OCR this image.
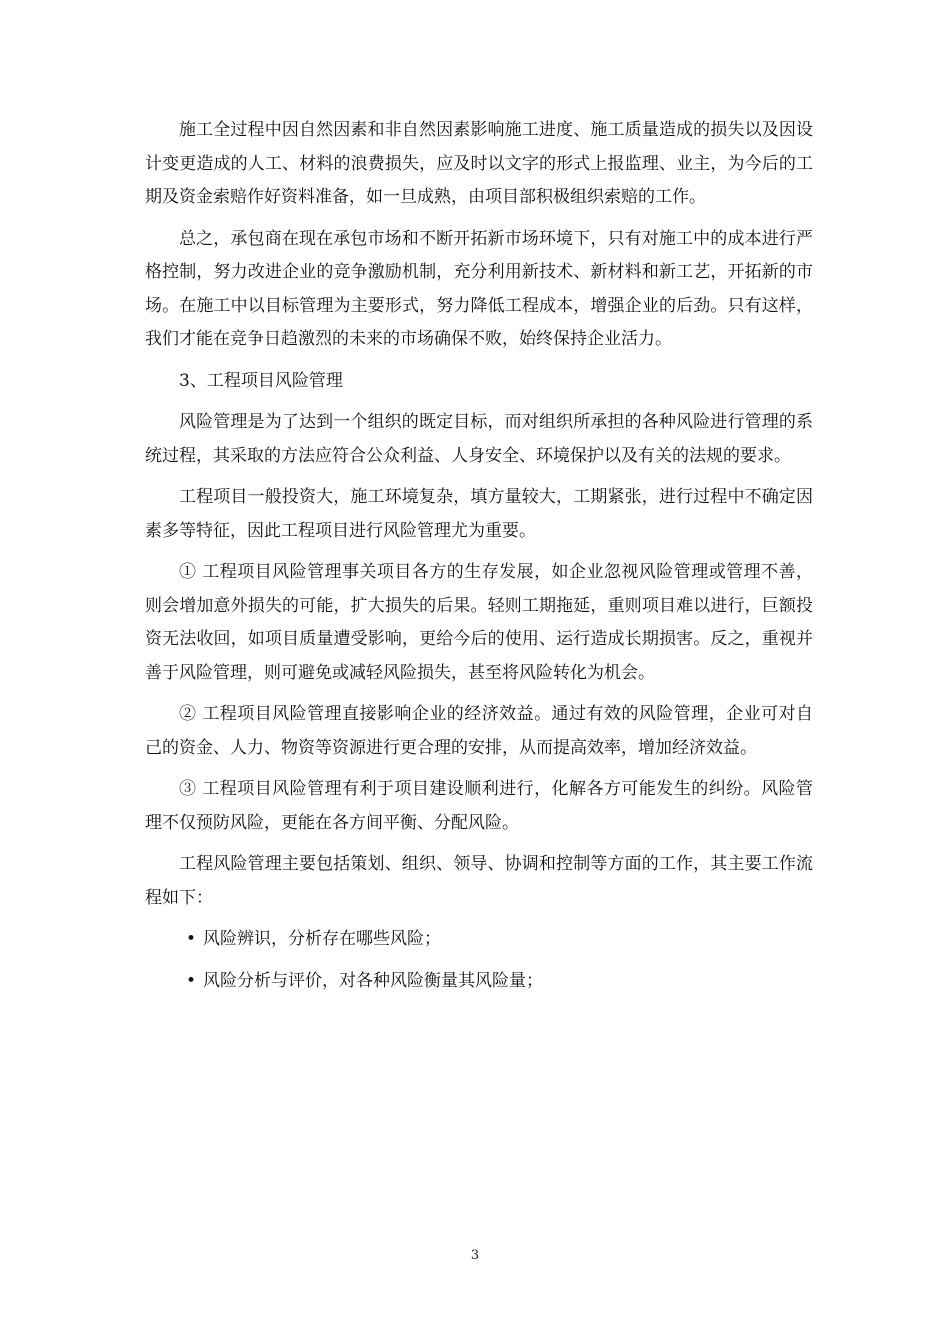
施工全过程中因自然因素和非自然因素影响施工进度、施工质量造成的损失以及因设计变更造成的人工、材料的浪费损失，应及时以文字的形式上报监理、业主，为今后的工期及资金索赔作好资料准备，如一旦成熟，由项目部积极组织索赔的工作。

总之，承包商在现在承包市场和不断开拓新市场环境下，只有对施工中的成本进行严格控制，努力改进企业的竞争激励机制，充分利用新技术、新材料和新工艺，开拓新的市场。在施工中以目标管理为主要形式，努力降低工程成本，增强企业的后劲。只有这样，我们才能在竞争日趋激烈的未来的市场确保不败，始终保持企业活力。

3、工程项目风险管理

风险管理是为了达到一个组织的既定目标，而对组织所承担的各种风险进行管理的系统过程，其采取的方法应符合公众利益、人身安全、环境保护以及有关的法规的要求。

工程项目一般投资大，施工环境复杂，填方量较大，工期紧张，进行过程中不确定因素多等特征，因此工程项目进行风险管理尤为重要。

① 工程项目风险管理事关项目各方的生存发展，如企业忽视风险管理或管理不善，则会增加意外损失的可能，扩大损失的后果。轻则工期拖延，重则项目难以进行，巨额投资无法收回，如项目质量遭受影响，更给今后的使用、运行造成长期损害。反之，重视并善于风险管理，则可避免或减轻风险损失，甚至将风险转化为机会。

② 工程项目风险管理直接影响企业的经济效益。通过有效的风险管理，企业可对自己的资金、人力、物资等资源进行更合理的安排，从而提高效率，增加经济效益。

③ 工程项目风险管理有利于项目建设顺利进行，化解各方可能发生的纠纷。风险管理不仅预防风险，更能在各方间平衡、分配风险。

工程风险管理主要包括策划、组织、领导、协调和控制等方面的工作，其主要工作流程如下：

• 风险辨识，分析存在哪些风险；

• 风险分析与评价，对各种风险衡量其风险量；

3
